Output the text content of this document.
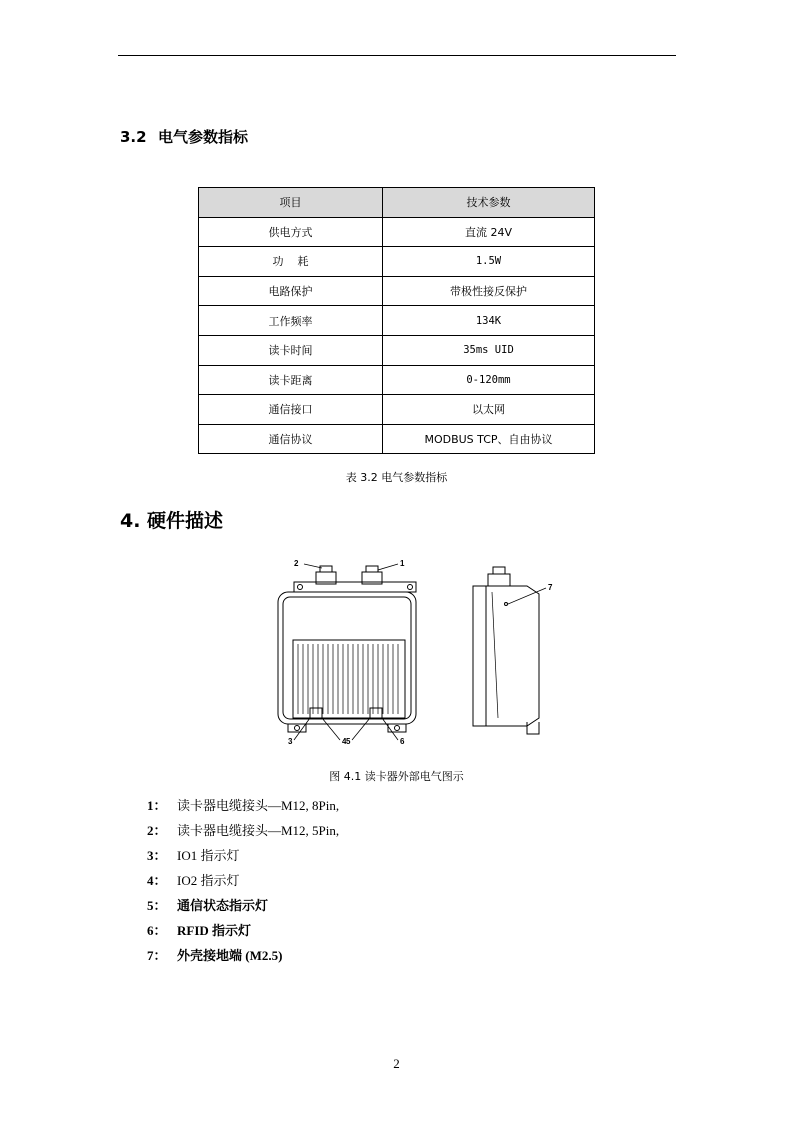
3.2 电气参数指标
项目	技术参数
供电方式	直流 24V
功    耗	1.5W
电路保护	带极性接反保护
工作频率	134K
读卡时间	35ms UID
读卡距离	0-120mm
通信接口	以太网
通信协议	MODBUS TCP、自由协议
表 3.2 电气参数指标
4. 硬件描述
2	1
3	4 5	6
7
图 4.1 读卡器外部电气图示
1： 读卡器电缆接头—M12, 8Pin,
2： 读卡器电缆接头—M12, 5Pin,
3： IO1 指示灯
4： IO2 指示灯
5： 通信状态指示灯
6： RFID 指示灯
7： 外壳接地端 (M2.5)
2
